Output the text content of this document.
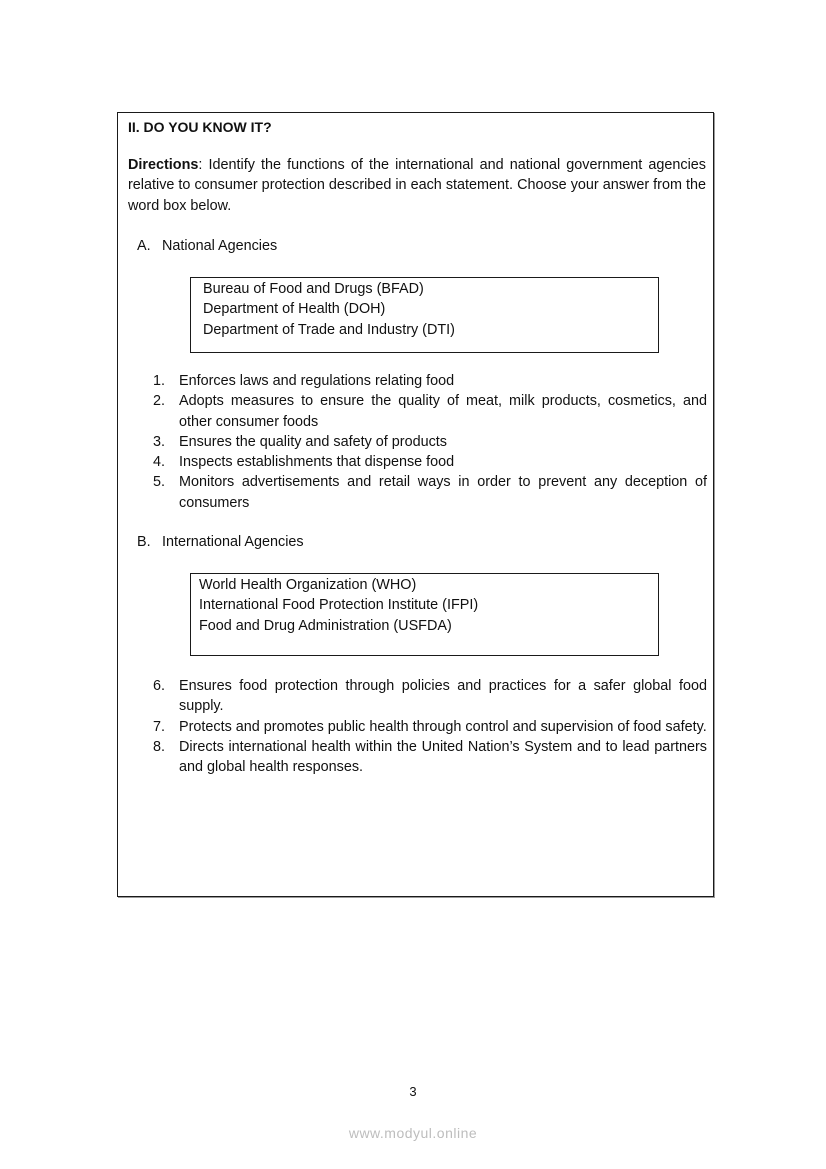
II. DO YOU KNOW IT?
Directions: Identify the functions of the international and national government agencies relative to consumer protection described in each statement. Choose your answer from the word box below.
A. National Agencies
Bureau of Food and Drugs (BFAD)
Department of Health (DOH)
Department of Trade and Industry (DTI)
1. Enforces laws and regulations relating food
2. Adopts measures to ensure the quality of meat, milk products, cosmetics, and other consumer foods
3. Ensures the quality and safety of products
4. Inspects establishments that dispense food
5. Monitors advertisements and retail ways in order to prevent any deception of consumers
B. International Agencies
World Health Organization (WHO)
International Food Protection Institute (IFPI)
Food and Drug Administration (USFDA)
6. Ensures food protection through policies and practices for a safer global food supply.
7. Protects and promotes public health through control and supervision of food safety.
8. Directs international health within the United Nation’s System and to lead partners and global health responses.
3
www.modyul.online
